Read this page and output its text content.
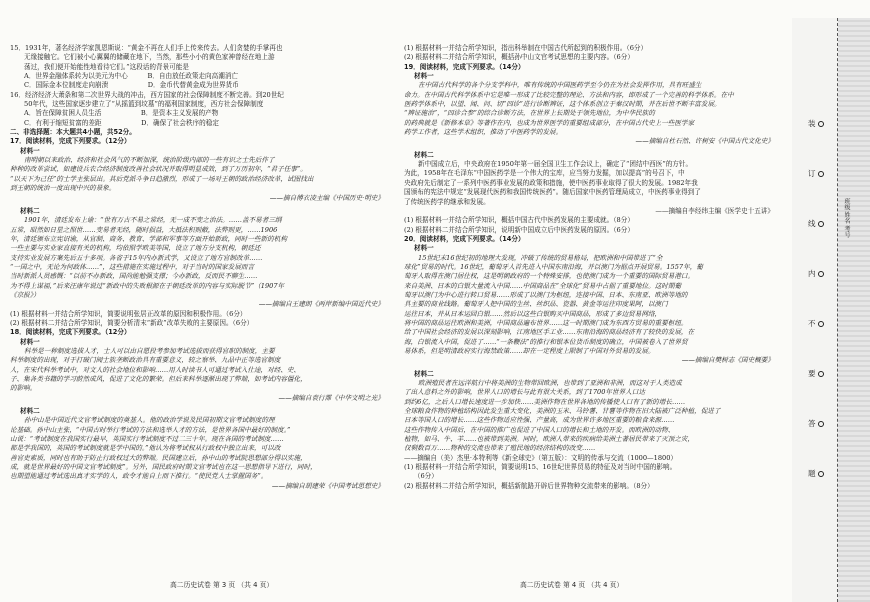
15．1931年，著名经济学家凯恩斯说：“黄金不再在人们手上传来传去。人们贪婪的手掌再也
无缘接触它。它们被小心翼翼的储藏在地下，当然，那些小小的黄色家神曾经在地上游
荡过，我们便开始能性地看待它们。”这段话的背景可能是
A．世界金融体系转为以美元为中心　　　B．自由放任政策走向高潮消亡
C．国际金本位制度走向崩溃　　　　　　D．金币代替黄金成为世界货币
16．经济经济大萧条和第二次世界大战的冲击，西方国家的社会保障制度不断完善。到20世纪
50年代，这些国家逐步建立了“从摇篮到坟墓”的福利国家制度，西方社会保障制度
A．旨在保障贫困人员生活　　　　　　B．是资本主义发展的产物
C．有利于缩短贫富的差距　　　　　　D．确保了社会秩序的稳定
二、非选择题：本大题共4小题，共52分。
17．阅读材料，完成下列要求。（12分）
材料一
南明朝以来政治、经济和社会风气的不断加深，统治阶级内部的一些有识之士先后作了
种种的改革尝试，如建设兵农合经济制度改善社会状况并取得明显成效，到了万历初年，“君子任事”。
“以天下为己任”的士学主张层出。其后党派斗争日趋激烈，形成了一场对王朝的政治经济改革，试图找出
到王朝的统治一度出现中兴的景象。
——摘自傅衣凌主编《中国历史·明史》
材料二
1901年，清廷发布上谕：“世有万古不易之常经，无一成不变之治法。……盖不易者三纲
五常，昭然如日星之照世……变易者无经，随时损益，大抵法积则敝，法弊则更，……1906
年，清廷颁布立宪诏谕，从官制、商务、教育、学部和军事等方面开始新政，同时一些新的机构
一些主要与实业家直接有关的机构，均依照学欧美等国，设立了地方分支机构，朝廷还
支持实业发展方案先后五十多项。各省于15年内办新式学，又设立了地方官制改革……
“一国之中，无论为何政体……”，这些措施在实施过程中，对于当时的国家发展而言
当时新派人员感慨：“以前不办新政，国尚能勉强支撑；今办新政，反而民不聊生……
为不得上谋福，”后来汪康年说过“新政中的失败根源在于朝廷改革的内容与实际脱节”（1907年
《京报》）
——摘编自王建朗《两岸新编中国近代史》
(1) 根据材料一并结合所学知识，简要说明张居正改革的原因和积极作用。（6分）
(2) 根据材料二并结合所学知识，简要分析清末“新政”改革失败的主要原因。（6分）
18．阅读材料，完成下列要求。（12分）
材料一
科举是一种制度选拔人才，士人可以由自愿投考参加考试选拔而获得官职的制度，主要
科举制度的出现，对于打破门阀士族垄断政治具有重要意义，较之察举、九品中正等选官制度
人，在宋代科举考试中，对文人的社会地位和影响……用人时读书人可通过考试入仕途，对经、史、
子、集各类书籍的学习蔚然成风，促进了文化的繁荣。但后来科举逐渐出现了弊端，如考试内容僵化，
的影响。
——摘编自袁行霈《中华文明之光》
材料二
孙中山是中国近代文官考试制度的奠基人。他的政治学说及民国初期文官考试制度的理
论基础。孙中山主张，“中国古时举行考试的方法和选举人才的方法，是世界各国中最好的制度。”
山说：“考试制度在我国实行最早，英国实行考试制度不过二三十年。现在各国的考试制度……
都是学我国的，英国的考试制度就是学中国的。”他认为将考试权从行政权中独立出来，可以改
善官吏素质，同时也有助于防止行政权过大的弊端。民国建立后，孙中山的考试院思想部分得以实施，
成，就是世界最好的中国文官考试制度”。另外，国民政府时期文官考试也在这一思想指导下进行，同时，
也期望能通过考试选出真才实学的人，政令才能自上而下推行。“使民党人士掌握国务”。
——摘编自胡建荣《中国考试思想史》
(1) 根据材料一并结合所学知识，指出科举制在中国古代所起到的积极作用。（6分）
(2) 根据材料二并结合所学知识，概括孙中山文官考试思想的主要内容。（6分）
19．阅读材料，完成下列要求。（14分）
材料一
在中国古代科学的各个分支学科中，唯有传统的中国医药学至今仍在为社会发挥作用，具有旺盛生
命力。在中国古代科学体系中它是唯一形成了比较完整的理论、方法和内容，即形成了一个完善的科学体系。在中
医药学体系中，以望、闻、问、切“四诊”进行诊断辨证，这个体系创立于秦汉时期，并在后世不断丰富发展。
“辨证施治”，“四诊合参”的综合诊断方法，在世界上长期处于领先地位，为中华民族的
的药典就是《新修本草》等著作在内，也成为世界医学的重要组成部分，在中国古代史上一些医学家
药学工作者，这些学术组织，推动了中医药学的发展。
——摘编自杜石然、许树安《中国古代文化史》
材料二
新中国成立后，中央政府在1950年第一届全国卫生工作会议上，确定了“团结中西医”的方针。
为此，1958年在毛泽东“中国医药学是一个伟大的宝库，应当努力发掘，加以提高”的号召下，中
央政府先后制定了一系列中医药事业发展的政策和措施，使中医药事业取得了很大的发展。1982年我
国颁布的宪法中规定“发展现代医药和我国传统医药”。随后国家中医药管理局成立，中医药事业得到了
了传统医药学的继承和发展。
——摘编自李经纬主编《医学史十五讲》
(1) 根据材料一并结合所学知识，概括中国古代中医药发展的主要成就。（8分）
(2) 根据材料二并结合所学知识，说明新中国成立后中医药发展的原因。（6分）
20．阅读材料，完成下列要求。（14分）
材料一
15世纪末16世纪初的地理大发现，冲破了传统的贸易格局，把欧洲和中国带进了“全
球化”贸易的时代。16世纪，葡萄牙人首先进入中国东南沿海，并以澳门为据点开展贸易。1557年，葡
萄牙人取得在澳门居住权，这是明朝政府的一个特殊安排，也使澳门成为一个重要的国际贸易港口。
来自美洲、日本的白银大量流入中国……中国商品在“全球化”贸易中占据了重要地位。这时期葡
萄牙以澳门为中心进行转口贸易……形成了以澳门为枢纽，连接中国、日本、东南亚、欧洲等地的
具主要的商业线路。葡萄牙人把中国的生丝、丝织品、瓷器、黄金等运往印度果阿，以澳门
运往日本，并从日本运回白银……然后以这些白银购买中国商品，形成了多边贸易网络，
将中国的商品运往欧洲和美洲，中国商品遍布世界……这一时期澳门成为东西方贸易的重要枢纽。
给了中国社会经济的发展以深刻影响，江南地区手工业……东南沿海的商品经济有了较快的发展，在
海，白银流入中国，促进了……“一条鞭法”的推行和银本位货币制度的确立，中国被卷入了世界贸
易体系，但是明清政府实行海禁政策……却在一定程度上限制了中国对外贸易的发展。
——摘编自樊树志《国史概要》
材料二
欧洲殖民者在远洋航行中将美洲的生物带回欧洲，也带到了亚洲和非洲，而这对于人类造成
了出人意料之外的影响，世界人口的增长与此有很大关系，到了1700年世界人口达
到约6亿，之后人口增长速度进一步加快……美洲作物在世界各地的传播使人口有了新的增长……
全球粮食作物的种植结构因此发生重大变化，美洲的玉米、马铃薯、甘薯等作物在旧大陆被广泛种植，促进了
日本等国人口的增长……这些作物适应性强、产量高，成为世界许多地区重要的粮食来源……
这些作物传入中国后，在中国的推广也促进了中国人口的增长和土地的开发。而欧洲的动物、
植物，如马、牛、羊……也被带到美洲。同时，欧洲人带来的疾病给美洲土著居民带来了灭顶之灾，
仅剩数百万……物种的交流也带来了殖民地的经济结构的改变……
——摘编自（美）杰里·本特利等《新全球史》（第五版）：文明的传承与交流（1000—1800）
(1) 根据材料一并结合所学知识，简要说明15、16世纪世界贸易的特征及对当时中国的影响。
　　（6分）
(2) 根据材料二并结合所学知识，概括新航路开辟后世界物种交流带来的影响。（8分）
高二历史试卷 第 3 页 （共 4 页）	高二历史试卷 第 4 页 （共 4 页）
装
订
线
内
不
要
答
题
班级 姓名 考号
